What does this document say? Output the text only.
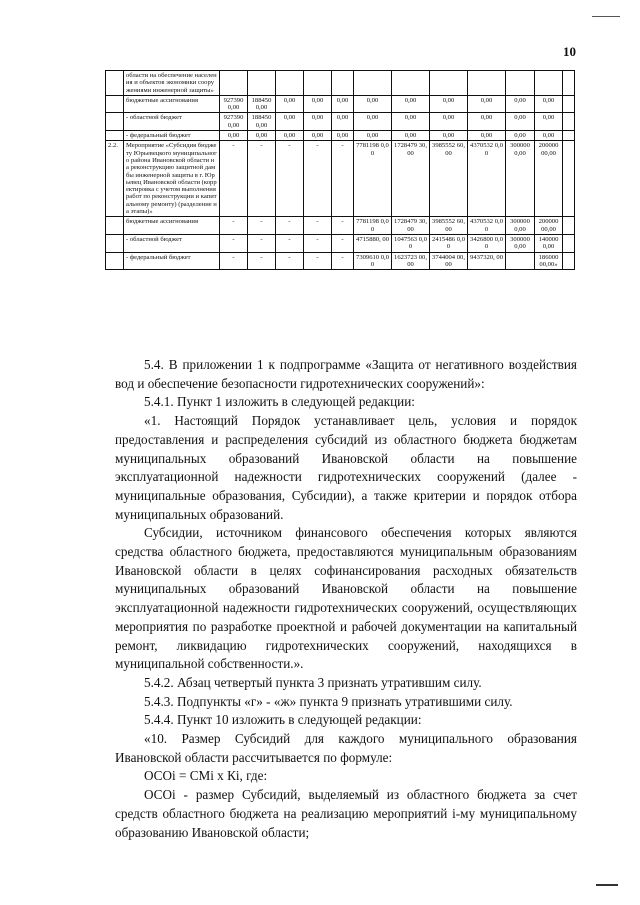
10
	области на обеспечение населения и объектов экономики сооружениями инженерной защиты»												
	бюджетные ассигнования	927390 0,00	188450 0,00	0,00	0,00	0,00	0,00	0,00	0,00	0,00	0,00	0,00	
	- областной бюджет	927390 0,00	188450 0,00	0,00	0,00	0,00	0,00	0,00	0,00	0,00	0,00	0,00	
	- федеральный бюджет	0,00	0,00	0,00	0,00	0,00	0,00	0,00	0,00	0,00	0,00	0,00	
2.2.	Мероприятие «Субсидия бюджету Юрьевецкого муниципального района Ивановской области на реконструкцию защитной дамбы инженерной защиты в г. Юрьевец Ивановской области (корректировка с учетом выполнения работ по реконструкции и капитальному ремонту) (разделение на этапы)»	-	-	-	-	-	7781198 0,00	1728479 30,00	3985552 60,00	4370532 0,00	300000 0,00	200000 00,00	
	бюджетные ассигнования	-	-	-	-	-	7781198 0,00	1728479 30,00	3985552 60,00	4370532 0,00	300000 0,00	200000 00,00	
	- областной бюджет	-	-	-	-	-	4715880, 00	1047563 0,00	2415486 0,00	3426800 0,00	300000 0,00	140000 0,00	
	- федеральный бюджет	-	-	-	-	-	7309610 0,00	1623723 00,00	3744004 00,00	9437320, 00		186000 00,00»	

5.4. В приложении 1 к подпрограмме «Защита от негативного воздействия вод и обеспечение безопасности гидротехнических сооружений»:

5.4.1. Пункт 1 изложить в следующей редакции:

«1. Настоящий Порядок устанавливает цель, условия и порядок предоставления и распределения субсидий из областного бюджета бюджетам муниципальных образований Ивановской области на повышение эксплуатационной надежности гидротехнических сооружений (далее - муниципальные образования, Субсидии), а также критерии и порядок отбора муниципальных образований.

Субсидии, источником финансового обеспечения которых являются средства областного бюджета, предоставляются муниципальным образованиям Ивановской области в целях софинансирования расходных обязательств муниципальных образований Ивановской области на повышение эксплуатационной надежности гидротехнических сооружений, осуществляющих мероприятия по разработке проектной и рабочей документации на капитальный ремонт, ликвидацию гидротехнических сооружений, находящихся в муниципальной собственности.».

5.4.2. Абзац четвертый пункта 3 признать утратившим силу.

5.4.3. Подпункты «г» - «ж» пункта 9 признать утратившими силу.

5.4.4. Пункт 10 изложить в следующей редакции:

«10. Размер Субсидий для каждого муниципального образования Ивановской области рассчитывается по формуле:

ОСОі = СМі х Кі, где:

ОСОі - размер Субсидий, выделяемый из областного бюджета за счет средств областного бюджета на реализацию мероприятий і-му муниципальному образованию Ивановской области;
